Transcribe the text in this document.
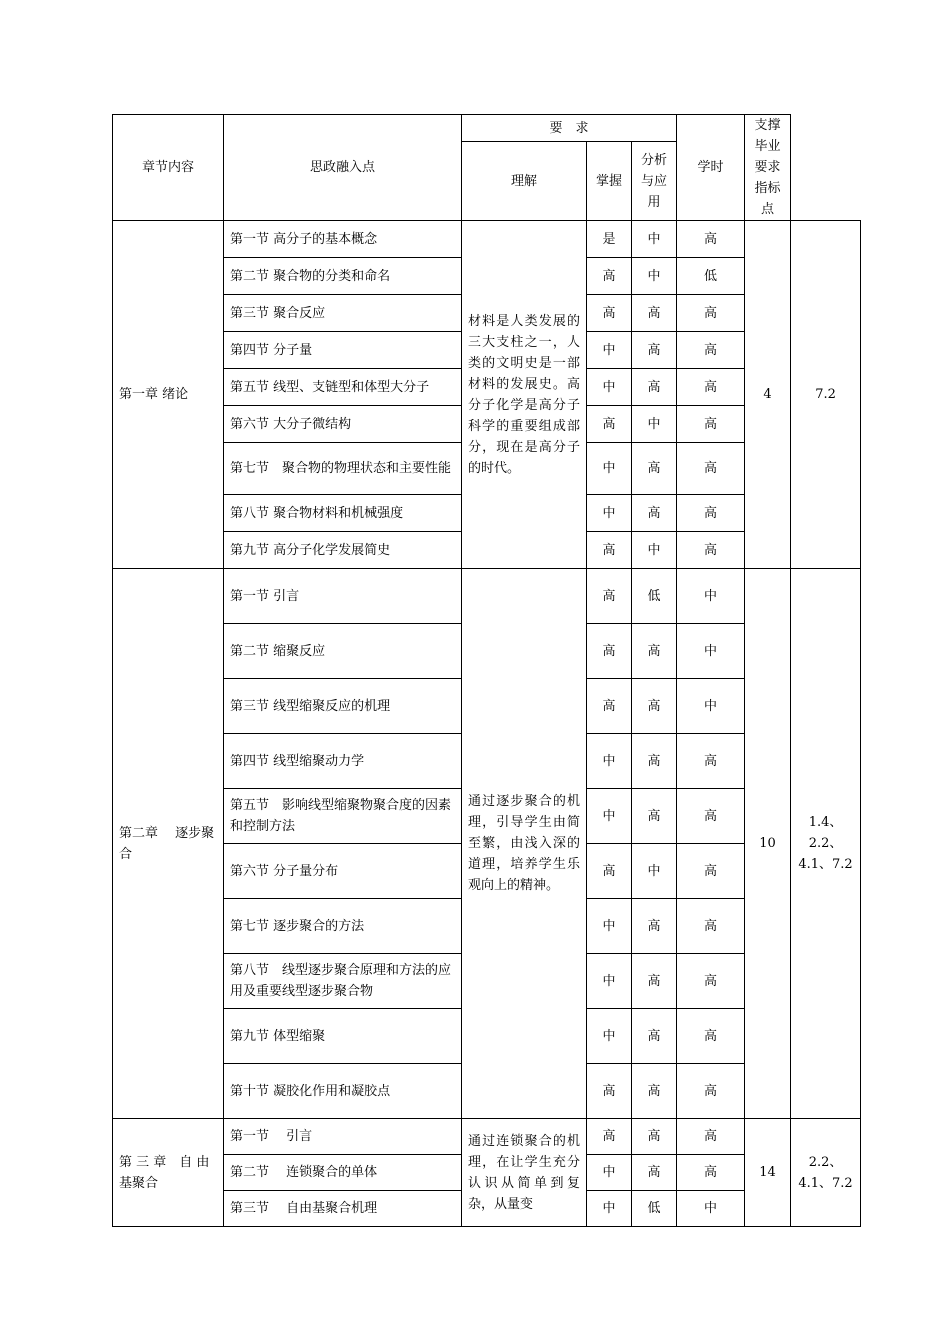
章节内容	思政融入点	要　求			学时	支撑毕业要求指标点	
		理解	掌握	分析与应用			
第一章 绪论	第一节 高分子的基本概念	材料是人类发展的三大支柱之一，人类的文明史是一部材料的发展史。高分子化学是高分子科学的重要组成部分，现在是高分子的时代。	是	中	高	4	7.2
	第二节 聚合物的分类和命名		高	中	低		
	第三节 聚合反应		高	高	高		
	第四节 分子量		中	高	高		
	第五节 线型、支链型和体型大分子		中	高	高		
	第六节 大分子微结构		高	中	高		
	第七节　聚合物的物理状态和主要性能		中	高	高		
	第八节 聚合物材料和机械强度		中	高	高		
	第九节 高分子化学发展简史		高	中	高		
第二章　 逐步聚合	第一节 引言	通过逐步聚合的机理，引导学生由简至繁，由浅入深的道理，培养学生乐观向上的精神。	高	低	中	10	1.4、2.2、4.1、7.2
	第二节 缩聚反应		高	高	中		
	第三节 线型缩聚反应的机理		高	高	中		
	第四节 线型缩聚动力学		中	高	高		
	第五节　影响线型缩聚物聚合度的因素和控制方法		中	高	高		
	第六节 分子量分布		高	中	高		
	第七节 逐步聚合的方法		中	高	高		
	第八节　线型逐步聚合原理和方法的应用及重要线型逐步聚合物		中	高	高		
	第九节 体型缩聚		中	高	高		
	第十节 凝胶化作用和凝胶点		高	高	高		
第 三 章　自 由 基聚合	第一节　 引言	通过连锁聚合的机理，在让学生充分认识从简单到复杂，从量变	高	高	高	14	2.2、4.1、7.2
	第二节　 连锁聚合的单体		中	高	高		
	第三节　 自由基聚合机理		中	低	中		
